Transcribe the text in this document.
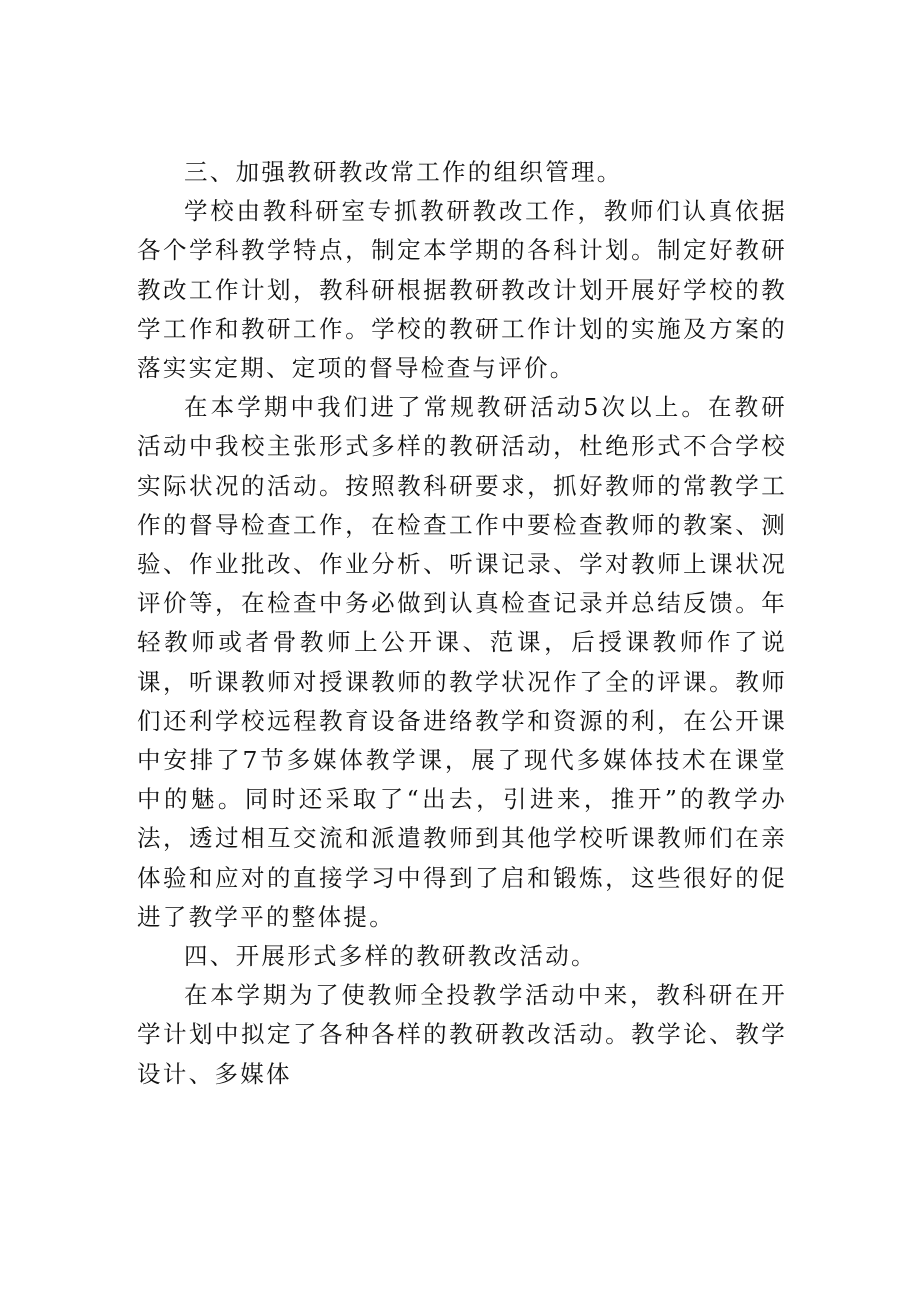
三、加强教研教改常工作的组织管理。

学校由教科研室专抓教研教改工作，教师们认真依据各个学科教学特点，制定本学期的各科计划。制定好教研教改工作计划，教科研根据教研教改计划开展好学校的教学工作和教研工作。学校的教研工作计划的实施及方案的落实实定期、定项的督导检查与评价。

在本学期中我们进了常规教研活动5次以上。在教研活动中我校主张形式多样的教研活动，杜绝形式不合学校实际状况的活动。按照教科研要求，抓好教师的常教学工作的督导检查工作，在检查工作中要检查教师的教案、测验、作业批改、作业分析、听课记录、学对教师上课状况评价等，在检查中务必做到认真检查记录并总结反馈。年轻教师或者骨教师上公开课、范课，后授课教师作了说课，听课教师对授课教师的教学状况作了全的评课。教师们还利学校远程教育设备进络教学和资源的利，在公开课中安排了7节多媒体教学课，展了现代多媒体技术在课堂中的魅。同时还采取了“出去，引进来，推开”的教学办法，透过相互交流和派遣教师到其他学校听课教师们在亲体验和应对的直接学习中得到了启和锻炼，这些很好的促进了教学平的整体提。

四、开展形式多样的教研教改活动。

在本学期为了使教师全投教学活动中来，教科研在开学计划中拟定了各种各样的教研教改活动。教学论、教学设计、多媒体
